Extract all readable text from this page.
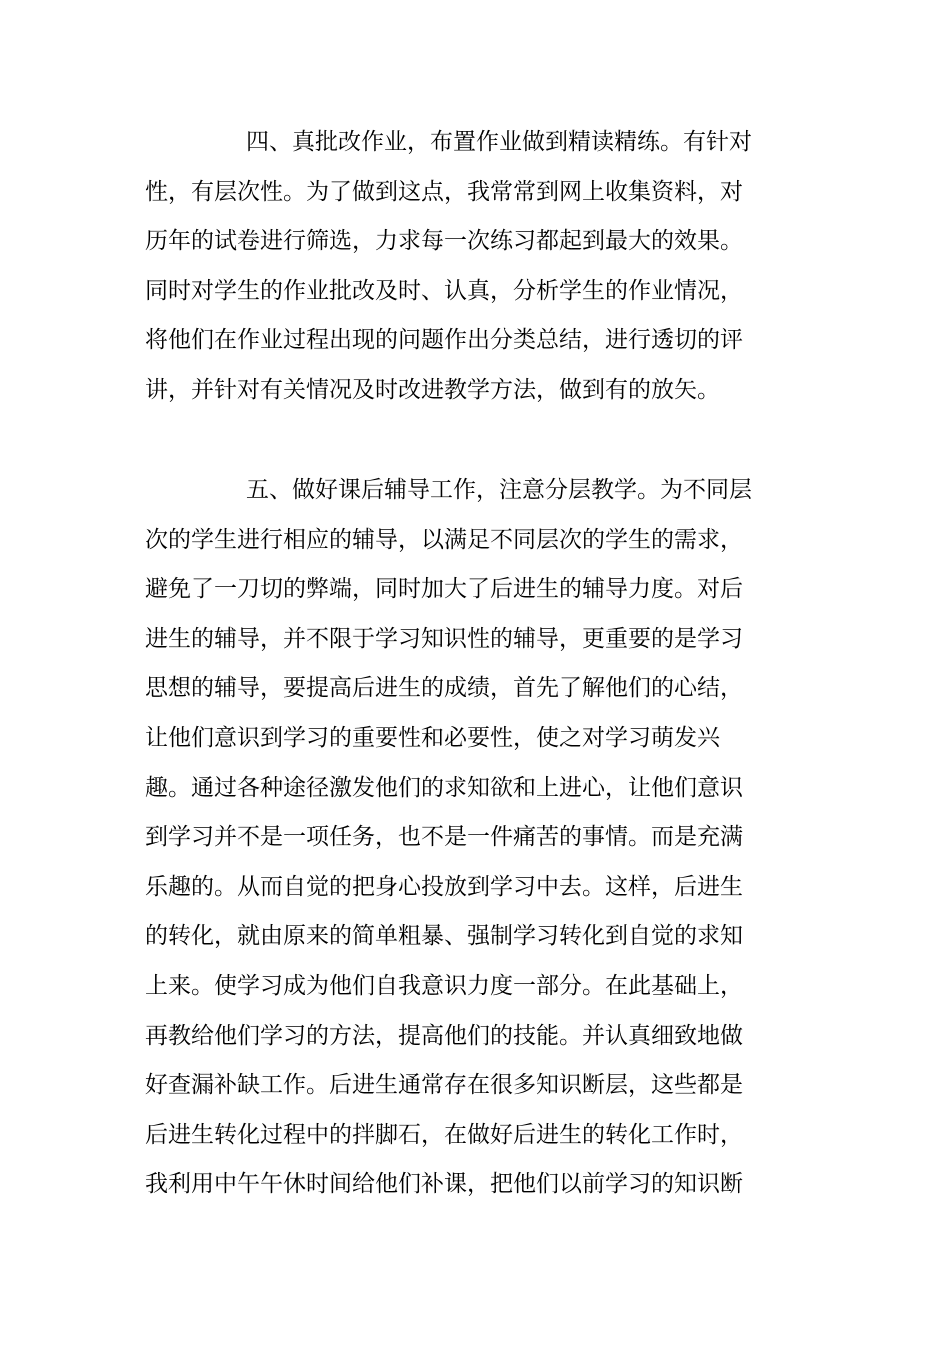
四、真批改作业，布置作业做到精读精练。有针对

性，有层次性。为了做到这点，我常常到网上收集资料，对

历年的试卷进行筛选，力求每一次练习都起到最大的效果。

同时对学生的作业批改及时、认真，分析学生的作业情况，

将他们在作业过程出现的问题作出分类总结，进行透切的评

讲，并针对有关情况及时改进教学方法，做到有的放矢。

五、做好课后辅导工作，注意分层教学。为不同层

次的学生进行相应的辅导，以满足不同层次的学生的需求，

避免了一刀切的弊端，同时加大了后进生的辅导力度。对后

进生的辅导，并不限于学习知识性的辅导，更重要的是学习

思想的辅导，要提高后进生的成绩，首先了解他们的心结，

让他们意识到学习的重要性和必要性，使之对学习萌发兴

趣。通过各种途径激发他们的求知欲和上进心，让他们意识

到学习并不是一项任务，也不是一件痛苦的事情。而是充满

乐趣的。从而自觉的把身心投放到学习中去。这样，后进生

的转化，就由原来的简单粗暴、强制学习转化到自觉的求知

上来。使学习成为他们自我意识力度一部分。在此基础上，

再教给他们学习的方法，提高他们的技能。并认真细致地做

好查漏补缺工作。后进生通常存在很多知识断层，这些都是

后进生转化过程中的拌脚石，在做好后进生的转化工作时，

我利用中午午休时间给他们补课，把他们以前学习的知识断
